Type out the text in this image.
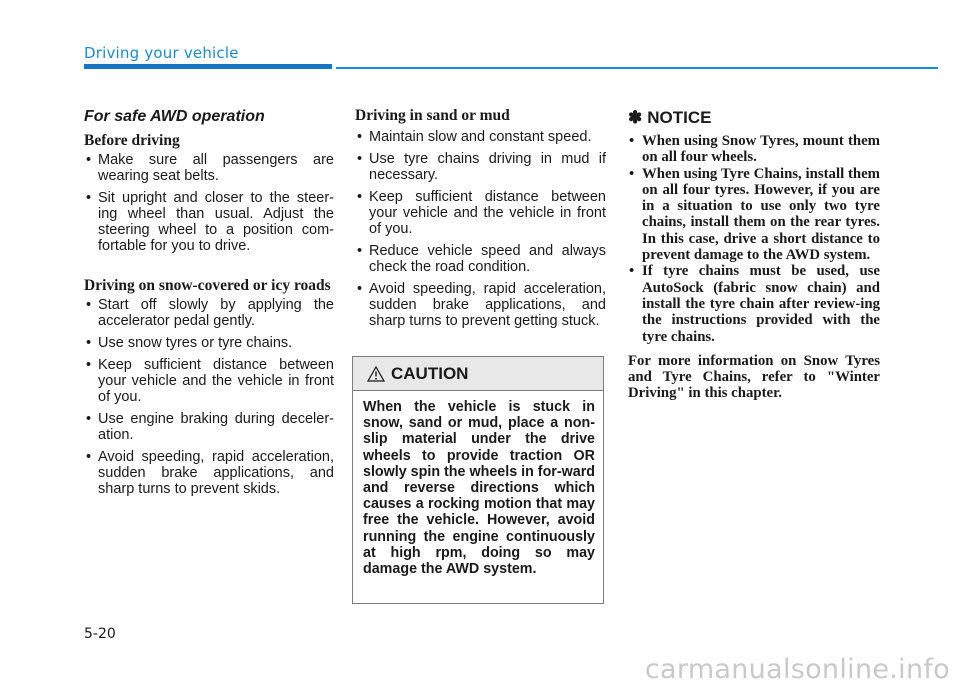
Driving your vehicle
For safe AWD operation
Before driving
• Make sure all passengers are wearing seat belts.
• Sit upright and closer to the steer-ing wheel than usual. Adjust the steering wheel to a position com-fortable for you to drive.
Driving on snow-covered or icy roads
• Start off slowly by applying the accelerator pedal gently.
• Use snow tyres or tyre chains.
• Keep sufficient distance between your vehicle and the vehicle in front of you.
• Use engine braking during deceler-ation.
• Avoid speeding, rapid acceleration, sudden brake applications, and sharp turns to prevent skids.
Driving in sand or mud
• Maintain slow and constant speed.
• Use tyre chains driving in mud if necessary.
• Keep sufficient distance between your vehicle and the vehicle in front of you.
• Reduce vehicle speed and always check the road condition.
• Avoid speeding, rapid acceleration, sudden brake applications, and sharp turns to prevent getting stuck.
CAUTION
When the vehicle is stuck in snow, sand or mud, place a non-slip material under the drive wheels to provide traction OR slowly spin the wheels in for-ward and reverse directions which causes a rocking motion that may free the vehicle. However, avoid running the engine continuously at high rpm, doing so may damage the AWD system.
✽ NOTICE
• When using Snow Tyres, mount them on all four wheels.
• When using Tyre Chains, install them on all four tyres. However, if you are in a situation to use only two tyre chains, install them on the rear tyres. In this case, drive a short distance to prevent damage to the AWD system.
• If tyre chains must be used, use AutoSock (fabric snow chain) and install the tyre chain after review-ing the instructions provided with the tyre chains.
For more information on Snow Tyres and Tyre Chains, refer to "Winter Driving" in this chapter.
5-20
carmanualsonline.info
